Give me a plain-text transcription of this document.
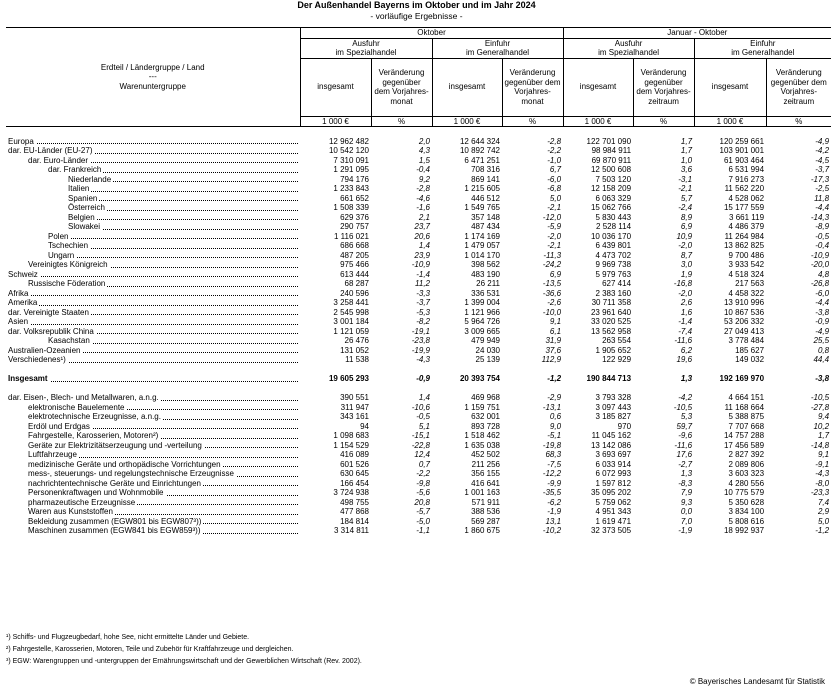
Der Außenhandel Bayerns im Oktober und im Jahr 2024
- vorläufige Ergebnisse -
Erdteil / Ländergruppe / Land
---
Warenuntergruppe	Oktober				Januar - Oktober			
	Ausfuhr		Einfuhr		Ausfuhr		Einfuhr	
	im Spezialhandel		im Generalhandel		im Spezialhandel		im Generalhandel	
	insgesamt	Veränderung gegenüber dem Vorjahres-monat	insgesamt	Veränderung gegenüber dem Vorjahres-monat	insgesamt	Veränderung gegenüber dem Vorjahres-zeitraum	insgesamt	Veränderung gegenüber dem Vorjahres-zeitraum

	1 000 €	%	1 000 €	%	1 000 €	%	1 000 €	%

Europa	12 962 482	2,0	12 644 324	-2,8	122 701 090	1,7	120 259 661	-4,9

dar. EU-Länder (EU-27)	10 542 120	4,3	10 892 742	-2,2	98 984 911	1,7	103 901 001	-4,2

dar. Euro-Länder	7 310 091	1,5	6 471 251	-1,0	69 870 911	1,0	61 903 464	-4,5

dar. Frankreich	1 291 095	-0,4	708 316	6,7	12 500 608	3,6	6 531 994	-3,7

Niederlande	794 176	9,2	869 141	-6,0	7 503 120	-3,1	7 916 273	-17,3

Italien	1 233 843	-2,8	1 215 605	-6,8	12 158 209	-2,1	11 562 220	-2,5

Spanien	661 652	-4,6	446 512	5,0	6 063 329	5,7	4 528 062	11,8

Österreich	1 508 339	-1,6	1 549 765	-2,1	15 062 766	-2,4	15 177 559	-4,4

Belgien	629 376	2,1	357 148	-12,0	5 830 443	8,9	3 661 119	-14,3

Slowakei	290 757	23,7	487 434	-5,9	2 528 114	6,9	4 486 379	-8,9

Polen	1 116 021	20,6	1 174 169	-2,0	10 036 170	10,9	11 264 984	-0,5

Tschechien	686 668	1,4	1 479 057	-2,1	6 439 801	-2,0	13 862 825	-0,4

Ungarn	487 205	23,9	1 014 170	-11,3	4 473 702	8,7	9 700 486	-10,9

Vereinigtes Königreich	975 466	-10,9	398 562	-24,2	9 969 738	3,0	3 933 542	-20,0

Schweiz	613 444	-1,4	483 190	6,9	5 979 763	1,9	4 518 324	4,8

Russische Föderation	68 287	11,2	26 211	-13,5	627 414	-16,8	217 563	-26,8

Afrika	240 596	-3,3	336 531	-36,6	2 383 160	-2,0	4 458 322	-6,0

Amerika	3 258 441	-3,7	1 399 004	-2,6	30 711 358	2,6	13 910 996	-4,4

dar. Vereinigte Staaten	2 545 998	-5,3	1 121 966	-10,0	23 961 640	1,6	10 867 536	-3,8

Asien	3 001 184	-8,2	5 964 726	9,1	33 020 525	-1,4	53 206 332	-0,9

dar. Volksrepublik China	1 121 059	-19,1	3 009 665	6,1	13 562 958	-7,4	27 049 413	-4,9

Kasachstan	26 476	-23,8	479 949	31,9	263 554	-11,6	3 778 484	25,5

Australien-Ozeanien	131 052	-19,9	24 030	37,6	1 905 652	6,2	185 627	0,8

Verschiedenes¹)	11 538	-4,3	25 139	112,9	122 929	19,6	149 032	44,4

Insgesamt	19 605 293	-0,9	20 393 754	-1,2	190 844 713	1,3	192 169 970	-3,8

dar. Eisen-, Blech- und Metallwaren, a.n.g.	390 551	1,4	469 968	-2,9	3 793 328	-4,2	4 664 151	-10,5

elektronische Bauelemente	311 947	-10,6	1 159 751	-13,1	3 097 443	-10,5	11 168 664	-27,8

elektrotechnische Erzeugnisse, a.n.g.	343 161	-0,5	632 001	0,6	3 185 827	5,3	5 388 875	9,4

Erdöl und Erdgas	94	5,1	893 728	9,0	970	59,7	7 707 668	10,2

Fahrgestelle, Karosserien, Motoren²)	1 098 683	-15,1	1 518 462	-5,1	11 045 162	-9,6	14 757 288	1,7

Geräte zur Elektrizitätserzeugung und -verteilung	1 154 529	-22,8	1 635 038	-19,8	13 142 086	-11,6	17 456 589	-14,8

Luftfahrzeuge	416 089	12,4	452 502	68,3	3 693 697	17,6	2 827 392	9,1

medizinische Geräte und orthopädische Vorrichtungen	601 526	0,7	211 256	-7,5	6 033 914	-2,7	2 089 806	-9,1

mess-, steuerungs- und regelungstechnische Erzeugnisse	630 645	-2,2	356 155	-12,2	6 072 993	1,3	3 603 323	-4,3

nachrichtentechnische Geräte und Einrichtungen	166 454	-9,8	416 641	-9,9	1 597 812	-8,3	4 280 556	-8,0

Personenkraftwagen und Wohnmobile	3 724 938	-5,6	1 001 163	-35,5	35 095 202	7,9	10 775 579	-23,3

pharmazeutische Erzeugnisse	498 755	20,8	571 911	-6,2	5 759 062	9,3	5 350 628	7,4

Waren aus Kunststoffen	477 868	-5,7	388 536	-1,9	4 951 343	0,0	3 834 100	2,9

Bekleidung zusammen (EGW801 bis EGW807³))	184 814	-5,0	569 287	13,1	1 619 471	7,0	5 808 616	5,0

Maschinen zusammen (EGW841 bis EGW859³))	3 314 811	-1,1	1 860 675	-10,2	32 373 505	-1,9	18 992 937	-1,2
¹) Schiffs- und Flugzeugbedarf, hohe See, nicht ermittelte Länder und Gebiete.
²) Fahrgestelle, Karosserien, Motoren, Teile und Zubehör für Kraftfahrzeuge und dergleichen.
³) EGW: Warengruppen und -untergruppen der Ernährungswirtschaft und der Gewerblichen Wirtschaft (Rev. 2002).
© Bayerisches Landesamt für Statistik
